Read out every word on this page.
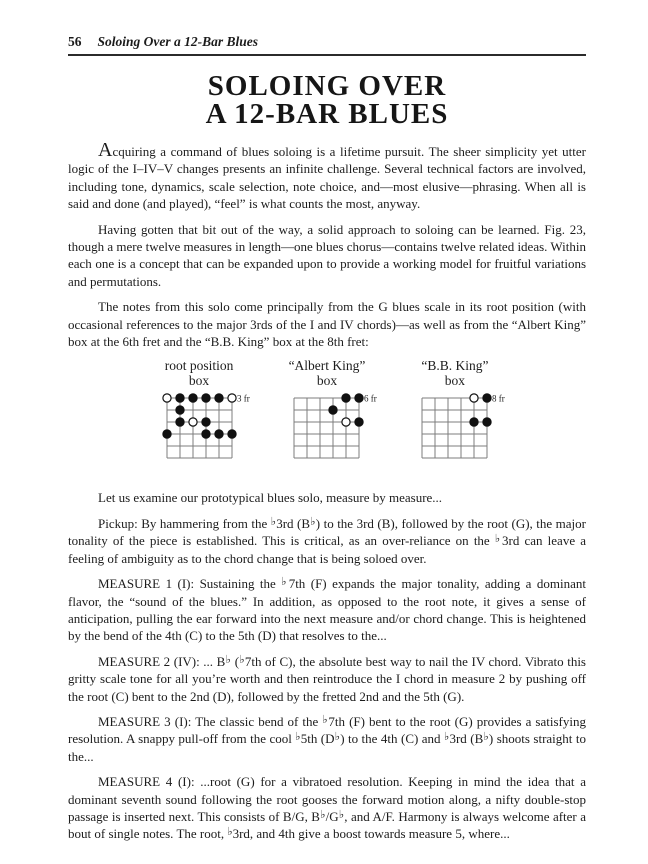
56 Soloing Over a 12-Bar Blues
SOLOING OVER
A 12-BAR BLUES

Acquiring a command of blues soloing is a lifetime pursuit. The sheer simplicity yet utter logic of the I–IV–V changes presents an infinite challenge. Several technical factors are involved, including tone, dynamics, scale selection, note choice, and—most elusive—phrasing. When all is said and done (and played), “feel” is what counts the most, anyway.

Having gotten that bit out of the way, a solid approach to soloing can be learned. Fig. 23, though a mere twelve measures in length—one blues chorus—contains twelve related ideas. Within each one is a concept that can be expanded upon to provide a working model for fruitful variations and permutations.

The notes from this solo come principally from the G blues scale in its root position (with occasional references to the major 3rds of the I and IV chords)—as well as from the “Albert King” box at the 6th fret and the “B.B. King” box at the 8th fret:

root position
box
3 fr
“Albert King”
box
6 fr
“B.B. King”
box
8 fr

Let us examine our prototypical blues solo, measure by measure...

Pickup: By hammering from the ♭3rd (B♭) to the 3rd (B), followed by the root (G), the major tonality of the piece is established. This is critical, as an over-reliance on the ♭3rd can leave a feeling of ambiguity as to the chord change that is being soloed over.

MEASURE 1 (I): Sustaining the ♭7th (F) expands the major tonality, adding a dominant flavor, the “sound of the blues.” In addition, as opposed to the root note, it gives a sense of anticipation, pulling the ear forward into the next measure and/or chord change. This is heightened by the bend of the 4th (C) to the 5th (D) that resolves to the...

MEASURE 2 (IV): ... B♭ (♭7th of C), the absolute best way to nail the IV chord. Vibrato this gritty scale tone for all you’re worth and then reintroduce the I chord in measure 2 by pushing off the root (C) bent to the 2nd (D), followed by the fretted 2nd and the 5th (G).

MEASURE 3 (I): The classic bend of the ♭7th (F) bent to the root (G) provides a satisfying resolution. A snappy pull-off from the cool ♭5th (D♭) to the 4th (C) and ♭3rd (B♭) shoots straight to the...

MEASURE 4 (I): ...root (G) for a vibratoed resolution. Keeping in mind the idea that a dominant seventh sound following the root gooses the forward motion along, a nifty double-stop passage is inserted next. This consists of B/G, B♭/G♭, and A/F. Harmony is always welcome after a bout of single notes. The root, ♭3rd, and 4th give a boost towards measure 5, where...
